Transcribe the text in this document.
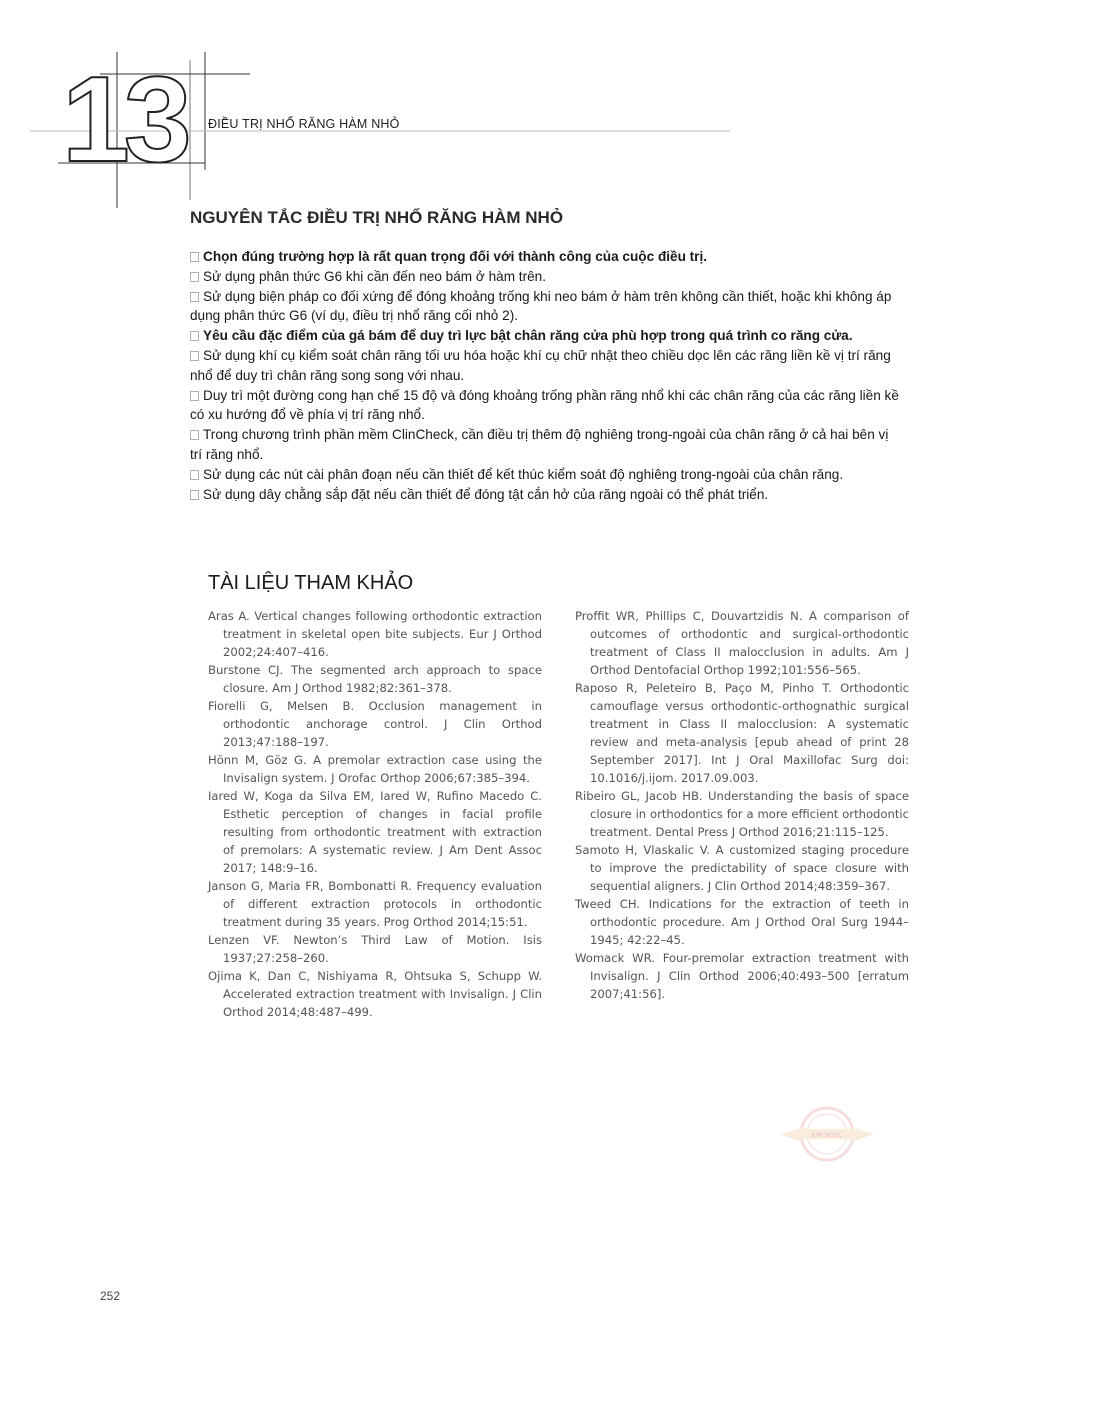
13 ĐIỀU TRỊ NHỔ RĂNG HÀM NHỎ
NGUYÊN TẮC ĐIỀU TRỊ NHỔ RĂNG HÀM NHỎ

Chọn đúng trường hợp là rất quan trọng đối với thành công của cuộc điều trị.

Sử dụng phân thức G6 khi cần đến neo bám ở hàm trên.

Sử dụng biện pháp co đối xứng để đóng khoảng trống khi neo bám ở hàm trên không cần thiết, hoặc khi không áp dụng phân thức G6 (ví dụ, điều trị nhổ răng cối nhỏ 2).

Yêu cầu đặc điểm của gá bám để duy trì lực bật chân răng cửa phù hợp trong quá trình co răng cửa.

Sử dụng khí cụ kiểm soát chân răng tối ưu hóa hoặc khí cụ chữ nhật theo chiều dọc lên các răng liền kề vị trí răng nhổ để duy trì chân răng song song với nhau.

Duy trì một đường cong hạn chế 15 độ và đóng khoảng trống phần răng nhổ khi các chân răng của các răng liền kề có xu hướng đổ về phía vị trí răng nhổ.

Trong chương trình phần mềm ClinCheck, cần điều trị thêm độ nghiêng trong-ngoài của chân răng ở cả hai bên vị trí răng nhổ.

Sử dụng các nút cài phân đoạn nếu cần thiết để kết thúc kiểm soát độ nghiêng trong-ngoài của chân răng.

Sử dụng dây chằng sắp đặt nếu cần thiết để đóng tật cắn hở của răng ngoài có thể phát triển.

TÀI LIỆU THAM KHẢO

Aras A. Vertical changes following orthodontic extraction treatment in skeletal open bite subjects. Eur J Orthod 2002;24:407–416.

Burstone CJ. The segmented arch approach to space closure. Am J Orthod 1982;82:361–378.

Fiorelli G, Melsen B. Occlusion management in orthodontic anchorage control. J Clin Orthod 2013;47:188–197.

Hönn M, Göz G. A premolar extraction case using the Invisalign system. J Orofac Orthop 2006;67:385–394.

Iared W, Koga da Silva EM, Iared W, Rufino Macedo C. Esthetic perception of changes in facial profile resulting from orthodontic treatment with extraction of premolars: A systematic review. J Am Dent Assoc 2017; 148:9–16.

Janson G, Maria FR, Bombonatti R. Frequency evaluation of different extraction protocols in orthodontic treatment during 35 years. Prog Orthod 2014;15:51.

Lenzen VF. Newton’s Third Law of Motion. Isis 1937;27:258–260.

Ojima K, Dan C, Nishiyama R, Ohtsuka S, Schupp W. Accelerated extraction treatment with Invisalign. J Clin Orthod 2014;48:487–499.

Proffit WR, Phillips C, Douvartzidis N. A comparison of outcomes of orthodontic and surgical-orthodontic treatment of Class II malocclusion in adults. Am J Orthod Dentofacial Orthop 1992;101:556–565.

Raposo R, Peleteiro B, Paço M, Pinho T. Orthodontic camouflage versus orthodontic-orthognathic surgical treatment in Class II malocclusion: A systematic review and meta-analysis [epub ahead of print 28 September 2017]. Int J Oral Maxillofac Surg doi: 10.1016/j.ijom. 2017.09.003.

Ribeiro GL, Jacob HB. Understanding the basis of space closure in orthodontics for a more efficient orthodontic treatment. Dental Press J Orthod 2016;21:115–125.

Samoto H, Vlaskalic V. A customized staging procedure to improve the predictability of space closure with sequential aligners. J Clin Orthod 2014;48:359–367.

Tweed CH. Indications for the extraction of teeth in orthodontic procedure. Am J Orthod Oral Surg 1944–1945; 42:22–45.

Womack WR. Four-premolar extraction treatment with Invisalign. J Clin Orthod 2006;40:493–500 [erratum 2007;41:56].

KIM NGỌC
252
